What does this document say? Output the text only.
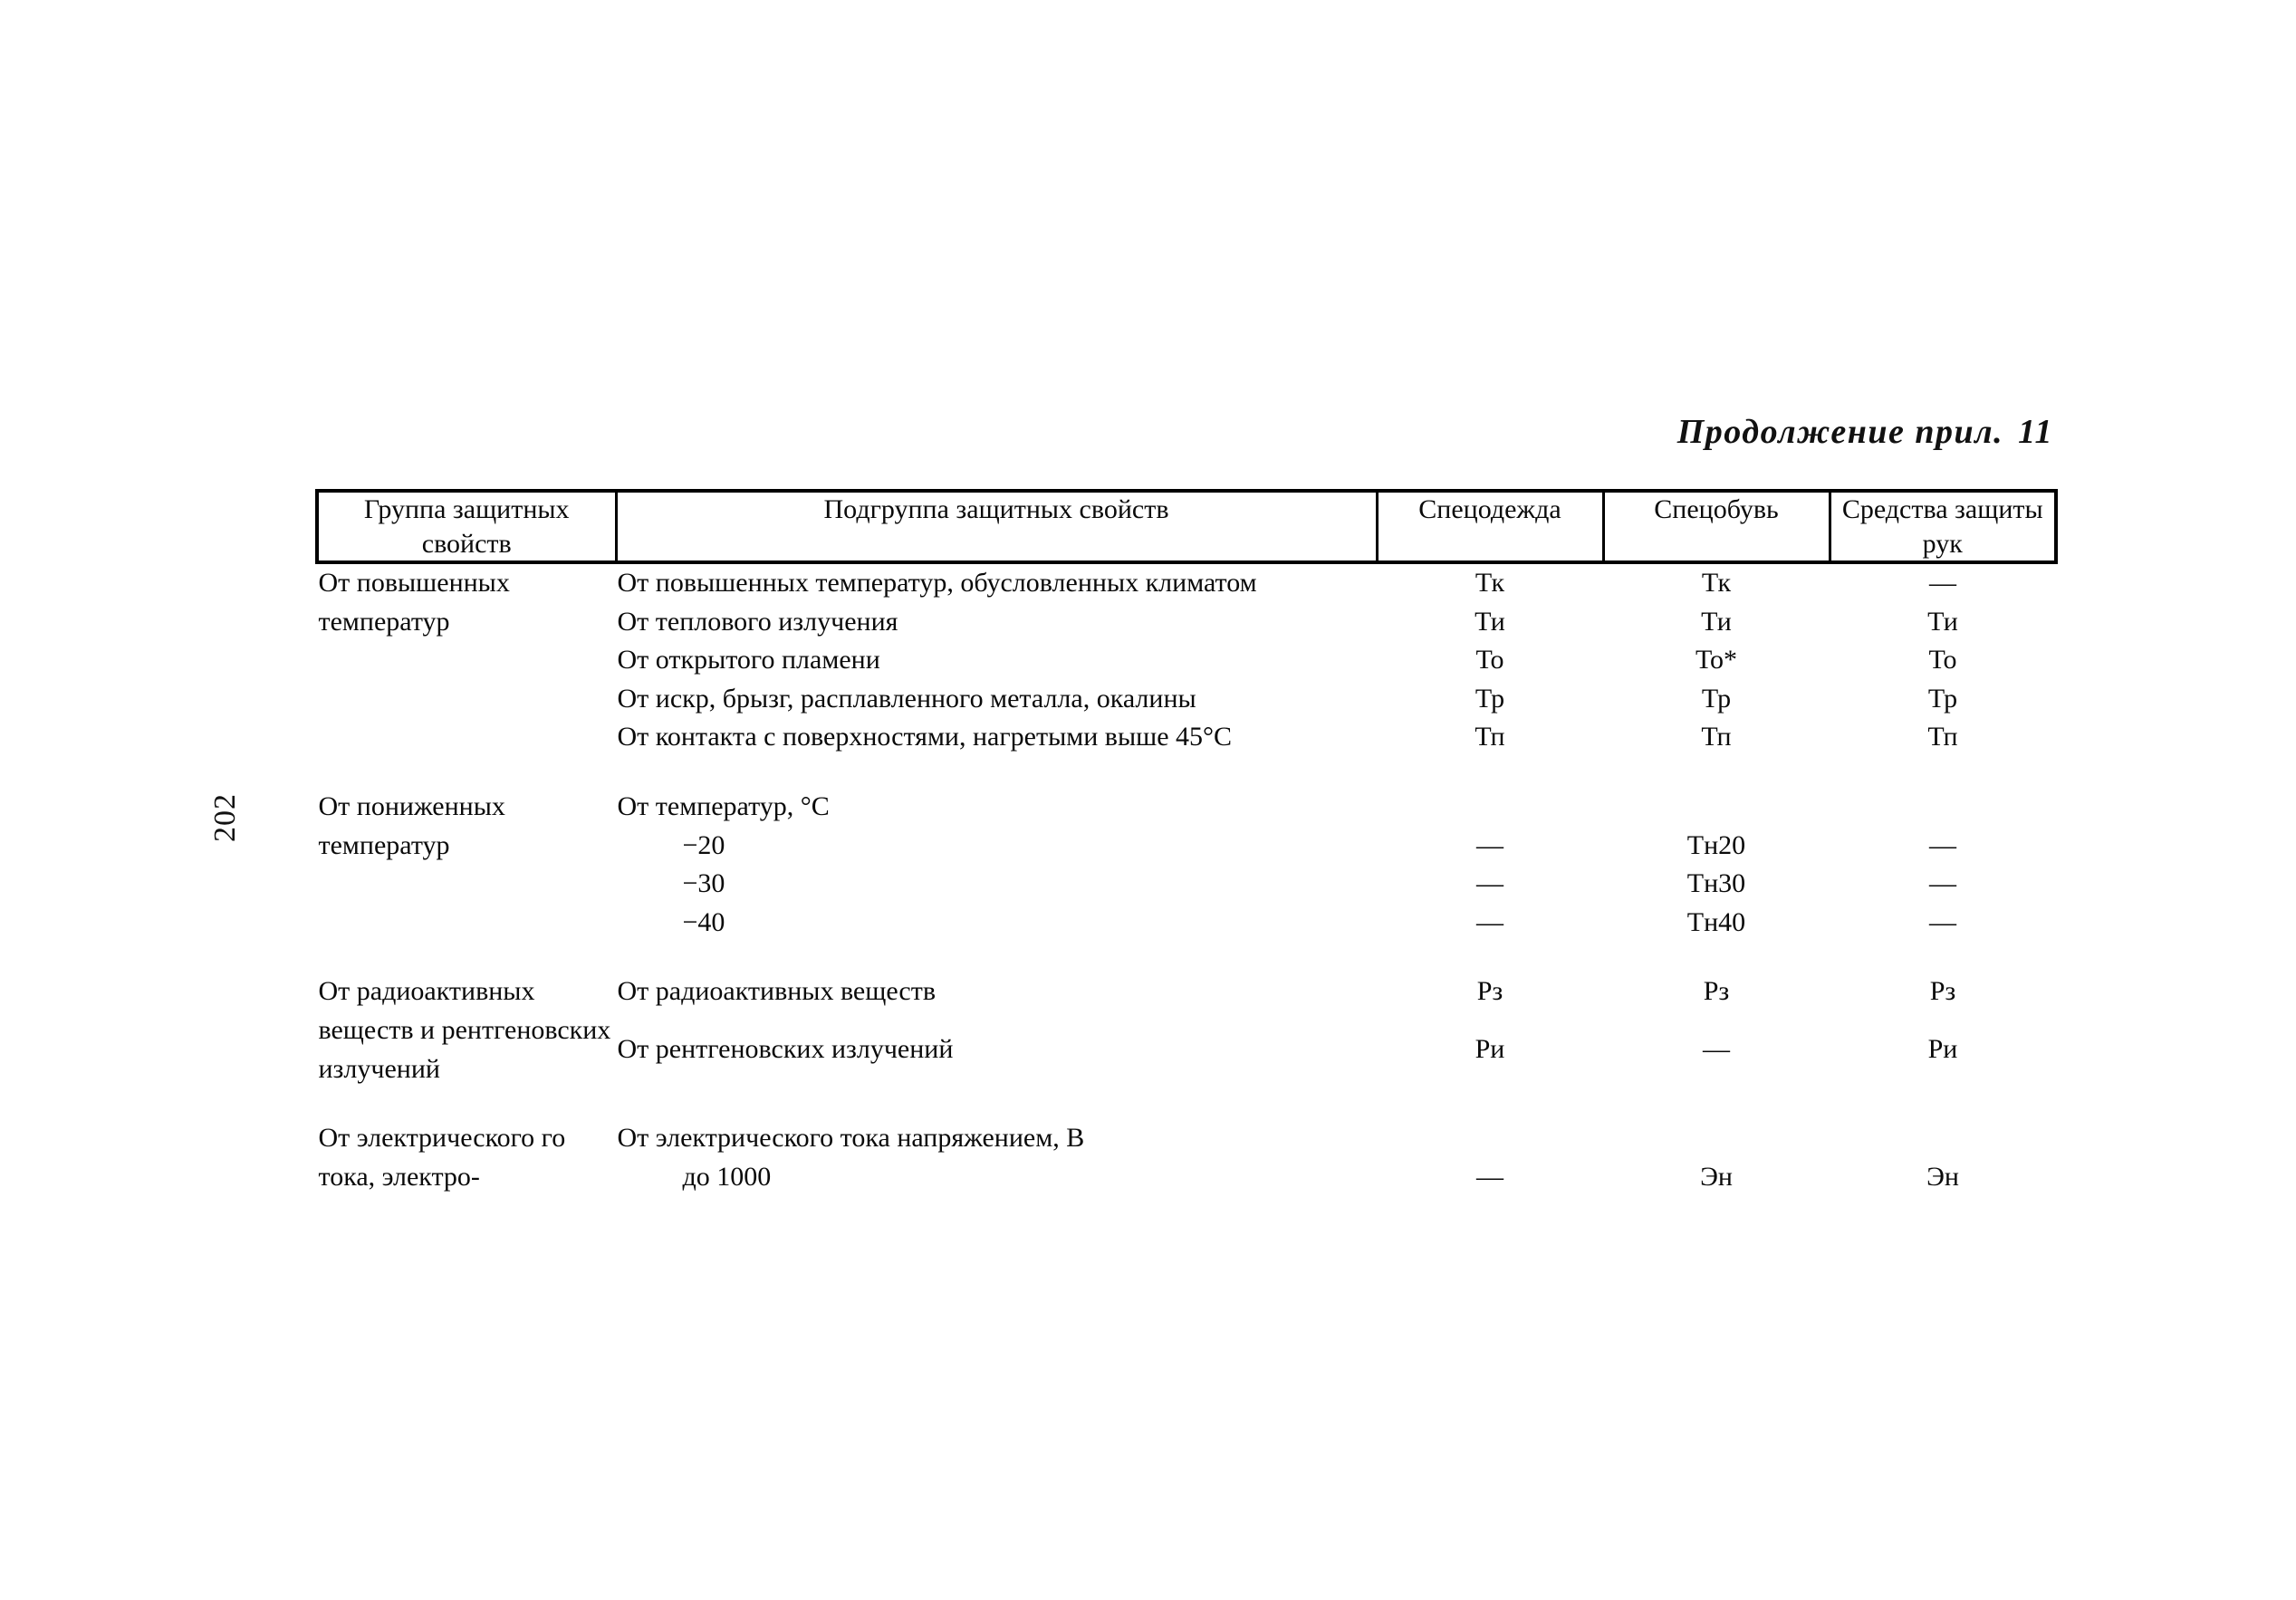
202
Продолжение прил. 11
Группа защитных свойств	Подгруппа защитных свойств	Спецодежда	Спецобувь	Средства защиты рук
От повышенных температур	От повышенных температур, обусловленных климатом	Тк	Тк	—
	От теплового излучения	Ти	Ти	Ти
	От открытого пламени	То	То*	То
	От искр, брызг, расплавленного металла, окалины	Тр	Тр	Тр
	От контакта с поверхностями, нагретыми выше 45°С	Тп	Тп	Тп

От пониженных температур	От температур, °С			
	−20	—	Тн20	—
	−30	—	Тн30	—
	−40	—	Тн40	—

От радиоактивных веществ и рентгеновских излучений	От радиоактивных веществ	Рз	Рз	Рз
	От рентгеновских излучений	Ри	—	Ри

От электрического го тока, электро-	От электрического тока напряжением, В			
	до 1000	—	Эн	Эн
